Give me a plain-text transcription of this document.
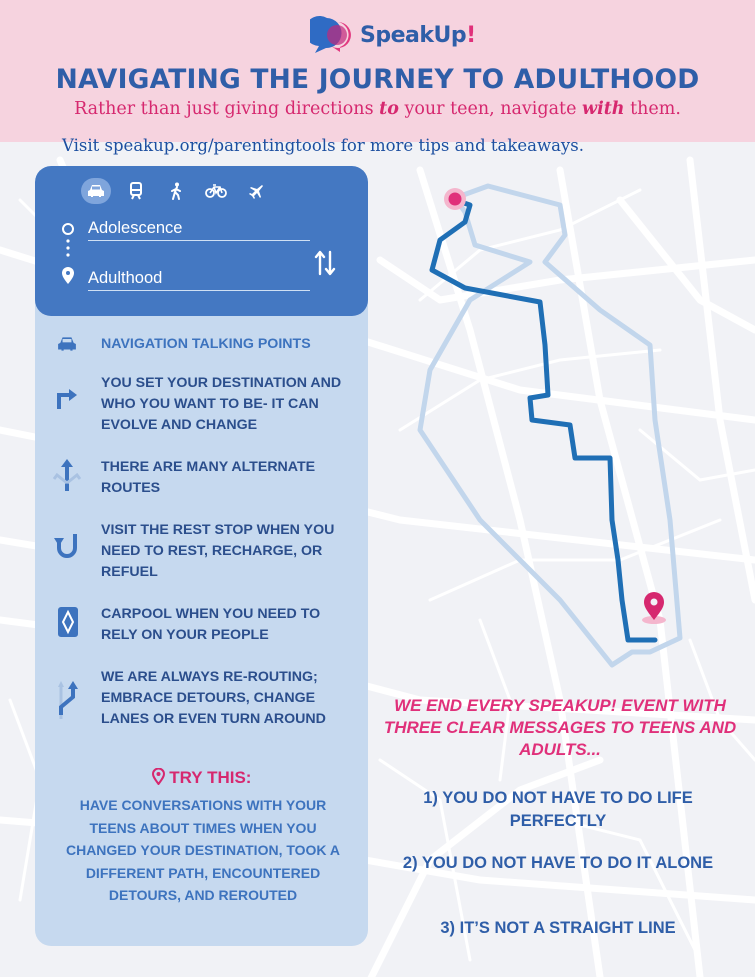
SpeakUp!
NAVIGATING THE JOURNEY TO ADULTHOOD
Rather than just giving directions to your teen, navigate with them.
Visit speakup.org/parentingtools for more tips and takeaways.
Adolescence
Adulthood
NAVIGATION TALKING POINTS
YOU SET YOUR DESTINATION AND WHO YOU WANT TO BE- IT CAN EVOLVE AND CHANGE
THERE ARE MANY ALTERNATE ROUTES
VISIT THE REST STOP WHEN YOU NEED TO REST, RECHARGE, OR REFUEL
CARPOOL WHEN YOU NEED TO RELY ON YOUR PEOPLE
WE ARE ALWAYS RE-ROUTING; EMBRACE DETOURS, CHANGE LANES OR EVEN TURN AROUND
TRY THIS:
HAVE CONVERSATIONS WITH YOUR TEENS ABOUT TIMES WHEN YOU CHANGED YOUR DESTINATION, TOOK A DIFFERENT PATH, ENCOUNTERED DETOURS, AND REROUTED
WE END EVERY SPEAKUP! EVENT WITH THREE CLEAR MESSAGES TO TEENS AND ADULTS...
1) YOU DO NOT HAVE TO DO LIFE PERFECTLY
2) YOU DO NOT HAVE TO DO IT ALONE
3) IT’S NOT A STRAIGHT LINE
